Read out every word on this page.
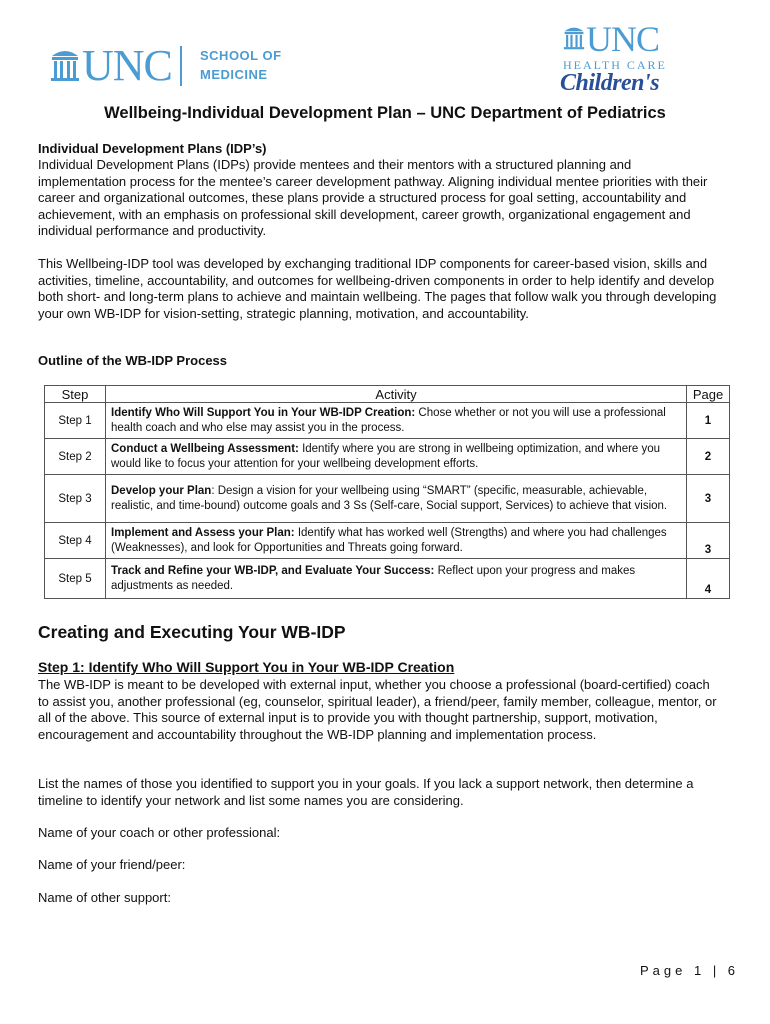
UNC SCHOOL OF
MEDICINE
UNC
HEALTH CARE
Children's
Wellbeing-Individual Development Plan – UNC Department of Pediatrics
Individual Development Plans (IDP’s)
Individual Development Plans (IDPs) provide mentees and their mentors with a structured planning and implementation process for the mentee’s career development pathway. Aligning individual mentee priorities with their career and organizational outcomes, these plans provide a structured process for goal setting, accountability and achievement, with an emphasis on professional skill development, career growth, organizational engagement and individual performance and productivity.
This Wellbeing-IDP tool was developed by exchanging traditional IDP components for career-based vision, skills and activities, timeline, accountability, and outcomes for wellbeing-driven components in order to help identify and develop both short- and long-term plans to achieve and maintain wellbeing. The pages that follow walk you through developing your own WB-IDP for vision-setting, strategic planning, motivation, and accountability.
Outline of the WB-IDP Process
Step	Activity	Page
Step 1	Identify Who Will Support You in Your WB-IDP Creation: Chose whether or not you will use a professional health coach and who else may assist you in the process.	1
Step 2	Conduct a Wellbeing Assessment: Identify where you are strong in wellbeing optimization, and where you would like to focus your attention for your wellbeing development efforts.	2
Step 3	Develop your Plan: Design a vision for your wellbeing using “SMART” (specific, measurable, achievable, realistic, and time-bound) outcome goals and 3 Ss (Self-care, Social support, Services) to achieve that vision.	3
Step 4	Implement and Assess your Plan: Identify what has worked well (Strengths) and where you had challenges (Weaknesses), and look for Opportunities and Threats going forward.	3
Step 5	Track and Refine your WB-IDP, and Evaluate Your Success: Reflect upon your progress and makes adjustments as needed.	4
Creating and Executing Your WB-IDP
Step 1: Identify Who Will Support You in Your WB-IDP Creation
The WB-IDP is meant to be developed with external input, whether you choose a professional (board-certified) coach to assist you, another professional (eg, counselor, spiritual leader), a friend/peer, family member, colleague, mentor, or all of the above. This source of external input is to provide you with thought partnership, support, motivation, encouragement and accountability throughout the WB-IDP planning and implementation process.
List the names of those you identified to support you in your goals. If you lack a support network, then determine a timeline to identify your network and list some names you are considering.
Name of your coach or other professional:
Name of your friend/peer:
Name of other support:
Page 1 | 6
